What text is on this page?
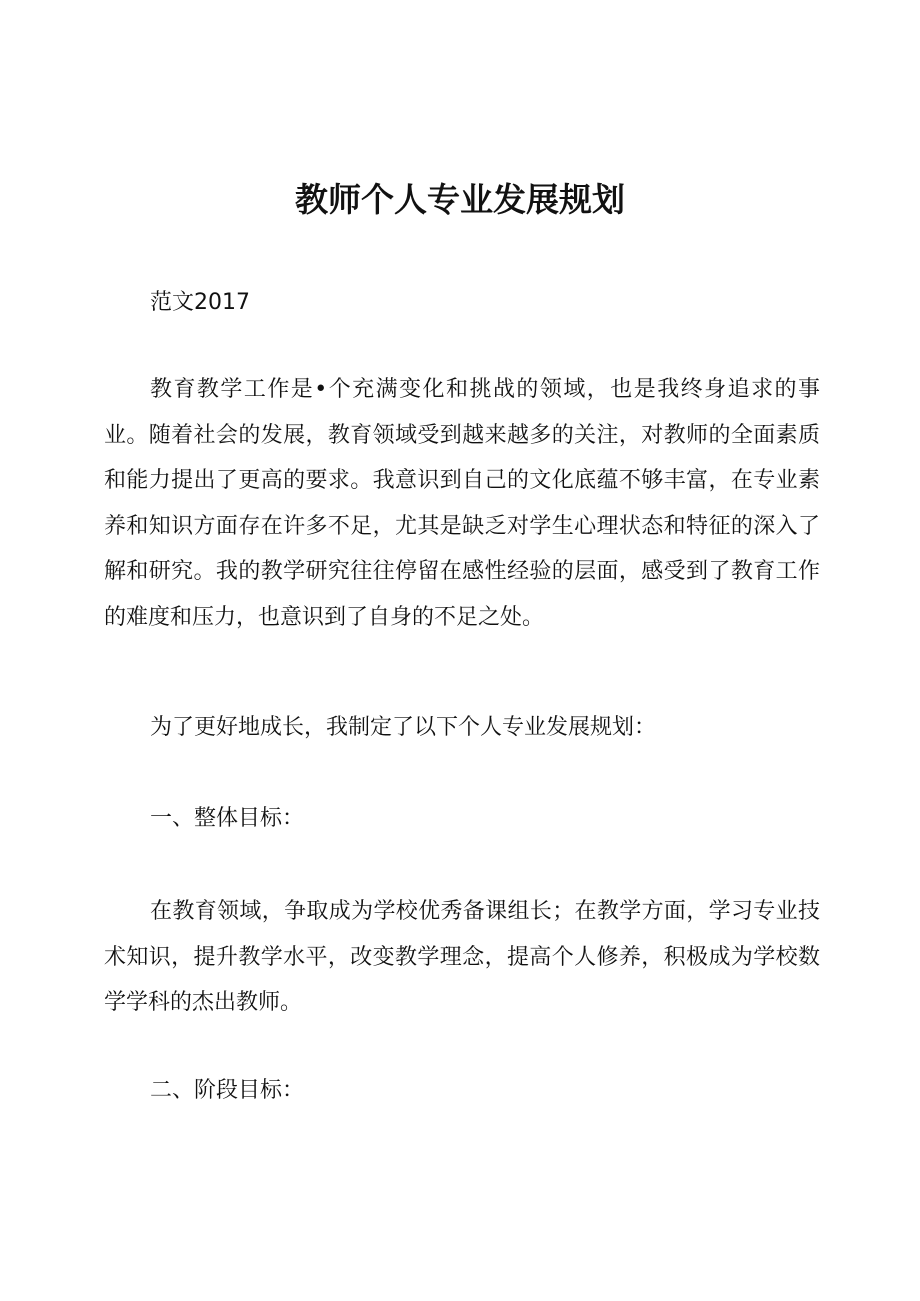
教师个人专业发展规划

范文2017

教育教学工作是•个充满变化和挑战的领域，也是我终身追求的事业。随着社会的发展，教育领域受到越来越多的关注，对教师的全面素质和能力提出了更高的要求。我意识到自己的文化底蕴不够丰富，在专业素养和知识方面存在许多不足，尤其是缺乏对学生心理状态和特征的深入了解和研究。我的教学研究往往停留在感性经验的层面，感受到了教育工作的难度和压力，也意识到了自身的不足之处。

为了更好地成长，我制定了以下个人专业发展规划：

一、整体目标：

在教育领域，争取成为学校优秀备课组长；在教学方面，学习专业技术知识，提升教学水平，改变教学理念，提高个人修养，积极成为学校数学学科的杰出教师。

二、阶段目标：
